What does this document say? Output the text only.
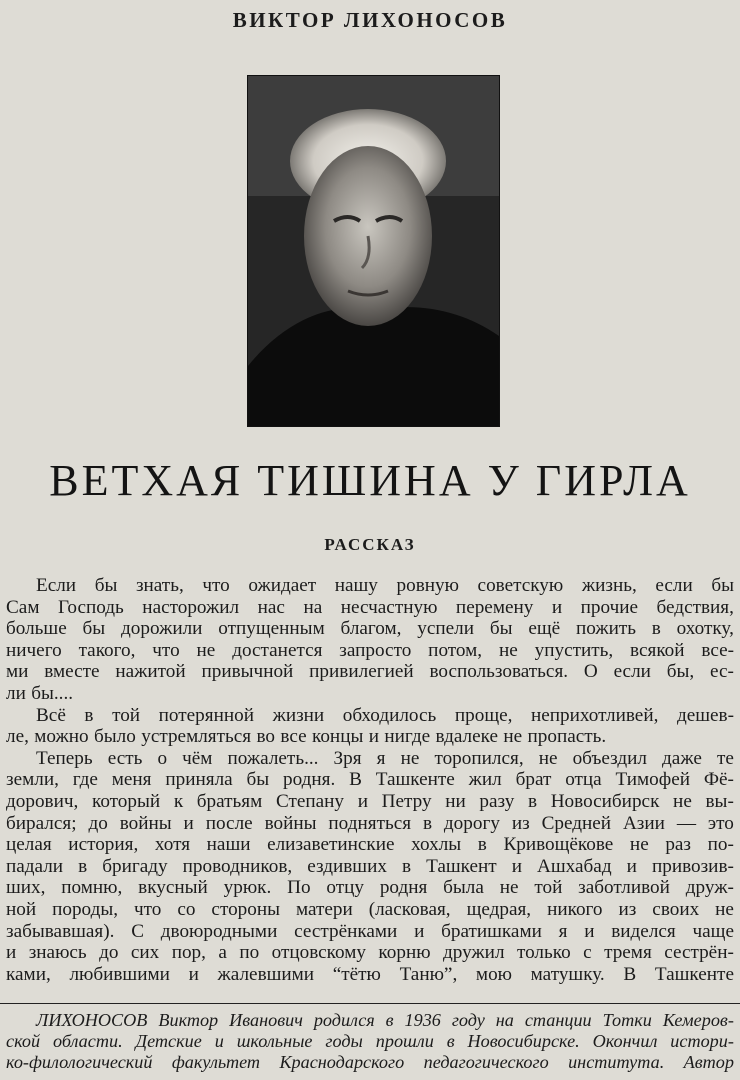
ВИКТОР ЛИХОНОСОВ
ВЕТХАЯ ТИШИНА У ГИРЛА
РАССКАЗ
Если бы знать, что ожидает нашу ровную советскую жизнь, если бы
Сам Господь насторожил нас на несчастную перемену и прочие бедствия,
больше бы дорожили отпущенным благом, успели бы ещё пожить в охотку,
ничего такого, что не достанется запросто потом, не упустить, всякой все-
ми вместе нажитой привычной привилегией воспользоваться. О если бы, ес-
ли бы....
Всё в той потерянной жизни обходилось проще, неприхотливей, дешев-
ле, можно было устремляться во все концы и нигде вдалеке не пропасть.
Теперь есть о чём пожалеть... Зря я не торопился, не объездил даже те
земли, где меня приняла бы родня. В Ташкенте жил брат отца Тимофей Фё-
дорович, который к братьям Степану и Петру ни разу в Новосибирск не вы-
бирался; до войны и после войны подняться в дорогу из Средней Азии — это
целая история, хотя наши елизаветинские хохлы в Кривощёкове не раз по-
падали в бригаду проводников, ездивших в Ташкент и Ашхабад и привозив-
ших, помню, вкусный урюк. По отцу родня была не той заботливой друж-
ной породы, что со стороны матери (ласковая, щедрая, никого из своих не
забывавшая). С двоюродными сестрёнками и братишками я и виделся чаще
и знаюсь до сих пор, а по отцовскому корню дружил только с тремя сестрён-
ками, любившими и жалевшими “тётю Таню”, мою матушку. В Ташкенте
ЛИХОНОСОВ Виктор Иванович родился в 1936 году на станции Тотки Кемеров-
ской области. Детские и школьные годы прошли в Новосибирске. Окончил истори-
ко-филологический факультет Краснодарского педагогического института. Автор
